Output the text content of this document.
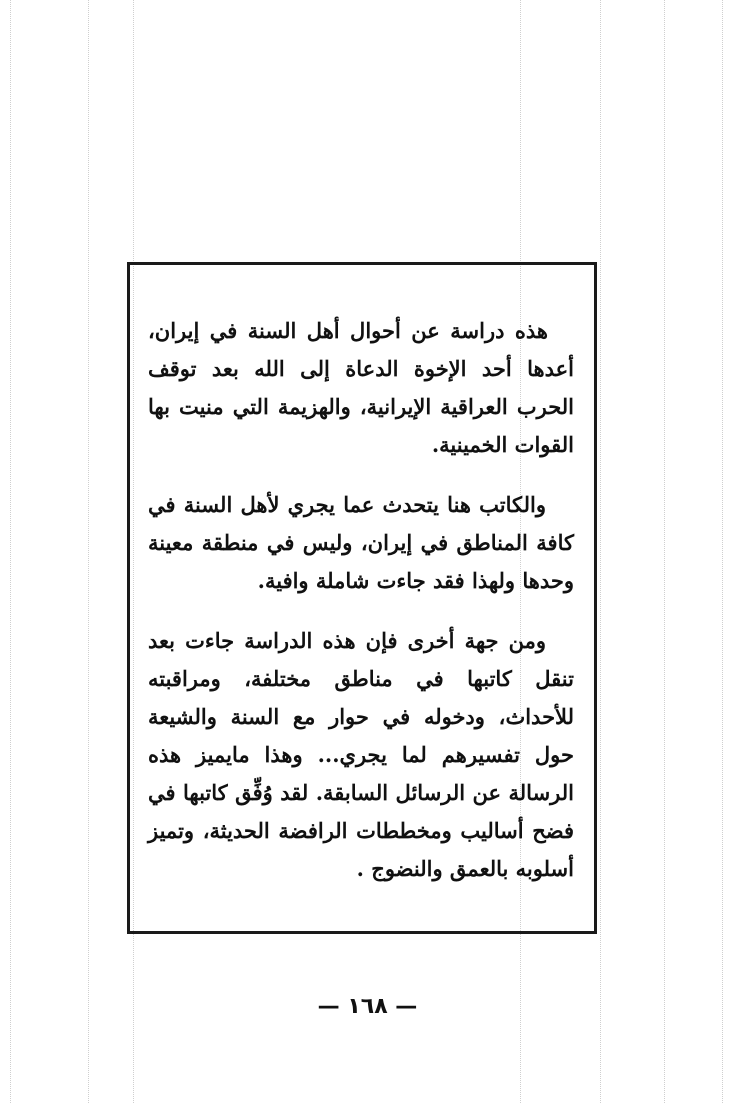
هذه دراسة عن أحوال أهل السنة في إيران، أعدها أحد الإخوة الدعاة إلى الله بعد توقف الحرب العراقية الإيرانية، والهزيمة التي منيت بها القوات الخمينية.

والكاتب هنا يتحدث عما يجري لأهل السنة في كافة المناطق في إيران، وليس في منطقة معينة وحدها ولهذا فقد جاءت شاملة وافية.

ومن جهة أخرى فإن هذه الدراسة جاءت بعد تنقل كاتبها في مناطق مختلفة، ومراقبته للأحداث، ودخوله في حوار مع السنة والشيعة حول تفسيرهم لما يجري... وهذا مايميز هذه الرسالة عن الرسائل السابقة. لقد وُفِّق كاتبها في فضح أساليب ومخططات الرافضة الحديثة، وتميز أسلوبه بالعمق والنضوج .

— ١٦٨ —
